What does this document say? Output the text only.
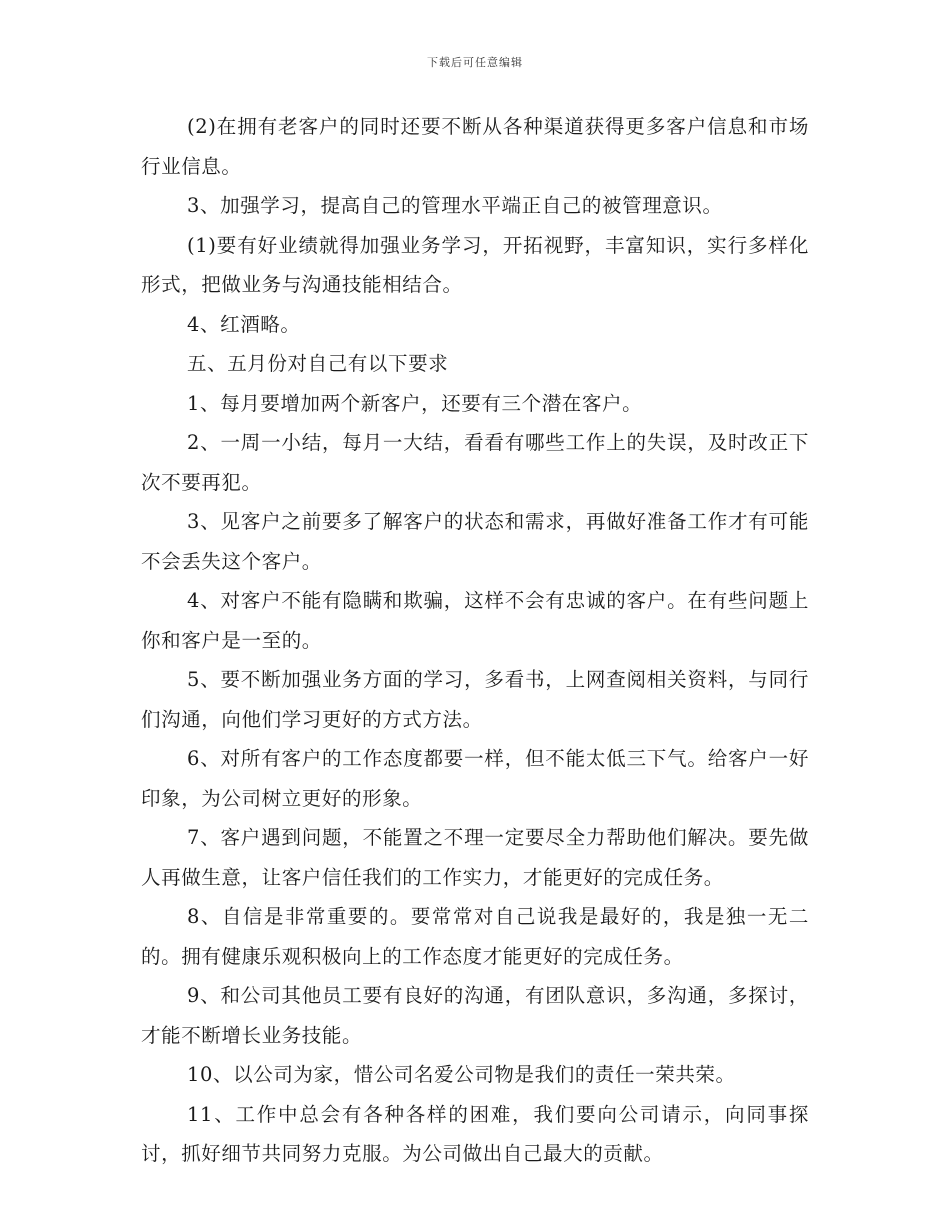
下载后可任意编辑

(2)在拥有老客户的同时还要不断从各种渠道获得更多客户信息和市场行业信息。

3、加强学习，提高自己的管理水平端正自己的被管理意识。

(1)要有好业绩就得加强业务学习，开拓视野，丰富知识，实行多样化形式，把做业务与沟通技能相结合。

4、红酒略。

五、五月份对自己有以下要求

1、每月要增加两个新客户，还要有三个潜在客户。

2、一周一小结，每月一大结，看看有哪些工作上的失误，及时改正下次不要再犯。

3、见客户之前要多了解客户的状态和需求，再做好准备工作才有可能不会丢失这个客户。

4、对客户不能有隐瞒和欺骗，这样不会有忠诚的客户。在有些问题上你和客户是一至的。

5、要不断加强业务方面的学习，多看书，上网查阅相关资料，与同行们沟通，向他们学习更好的方式方法。

6、对所有客户的工作态度都要一样，但不能太低三下气。给客户一好印象，为公司树立更好的形象。

7、客户遇到问题，不能置之不理一定要尽全力帮助他们解决。要先做人再做生意，让客户信任我们的工作实力，才能更好的完成任务。

8、自信是非常重要的。要常常对自己说我是最好的，我是独一无二的。拥有健康乐观积极向上的工作态度才能更好的完成任务。

9、和公司其他员工要有良好的沟通，有团队意识，多沟通，多探讨，才能不断增长业务技能。

10、以公司为家，惜公司名爱公司物是我们的责任一荣共荣。

11、工作中总会有各种各样的困难，我们要向公司请示，向同事探讨，抓好细节共同努力克服。为公司做出自己最大的贡献。
